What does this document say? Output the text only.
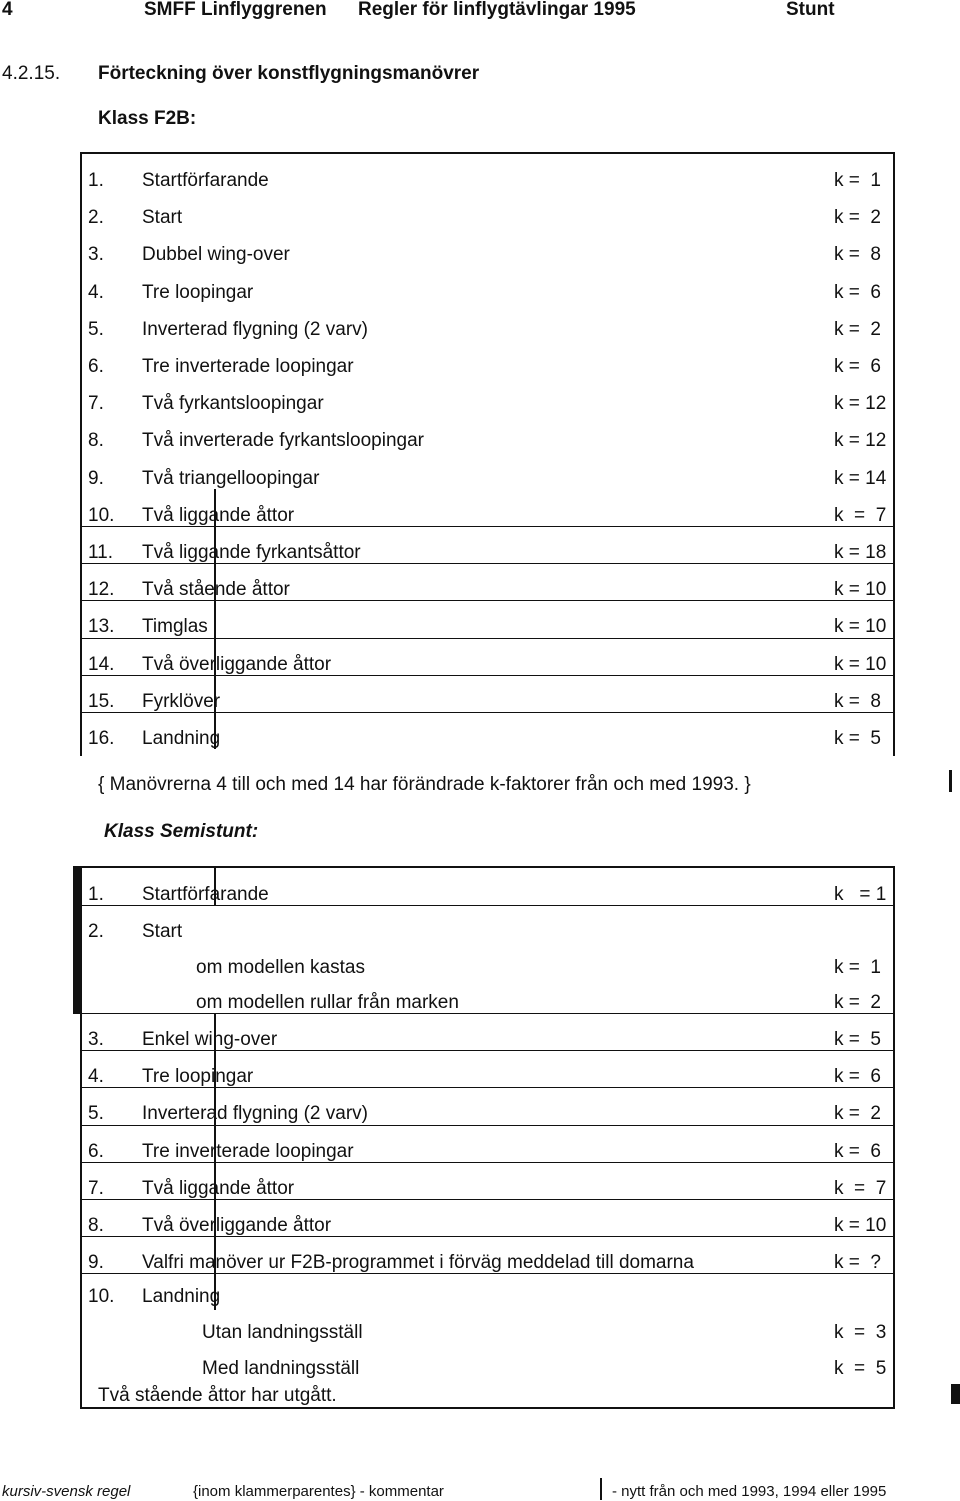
4	SMFF Linflyggrenen Regler för linflygtävlingar 1995	Stunt
4.2.15. Förteckning över konstflygningsmanövrer
Klass F2B:
1. Startförfarande	k =  1
2. Start	k =  2
3. Dubbel wing-over	k =  8
4. Tre loopingar	k =  6
5. Inverterad flygning (2 varv)	k =  2
6. Tre inverterade loopingar	k =  6
7. Två fyrkantsloopingar	k = 12
8. Två inverterade fyrkantsloopingar	k = 12
9. Två triangelloopingar	k = 14
10. Två liggande åttor	k  =  7
11. Två liggande fyrkantsåttor	k = 18
12. Två stående åttor	k = 10
13. Timglas	k = 10
14. Två överliggande åttor	k = 10
15. Fyrklöver	k =  8
16. Landning	k =  5
{ Manövrerna 4 till och med 14 har förändrade k-faktorer från och med 1993. }
Klass Semistunt:
1. Startförfarande	k   = 1
2. Start
om modellen kastas	k =  1
om modellen rullar från marken	k =  2
3. Enkel wing-over	k =  5
4. Tre loopingar	k =  6
5. Inverterad flygning (2 varv)	k =  2
6. Tre inverterade loopingar	k =  6
7. Två liggande åttor	k  =  7
8. Två överliggande åttor	k = 10
9. Valfri manöver ur F2B-programmet i förväg meddelad till domarna	k =  ?
10. Landning
Utan landningsställ	k  =  3
Med landningsställ	k  =  5
Två stående åttor har utgått.
kursiv-svensk regel	{inom klammerparentes} - kommentar	- nytt från och med 1993, 1994 eller 1995
